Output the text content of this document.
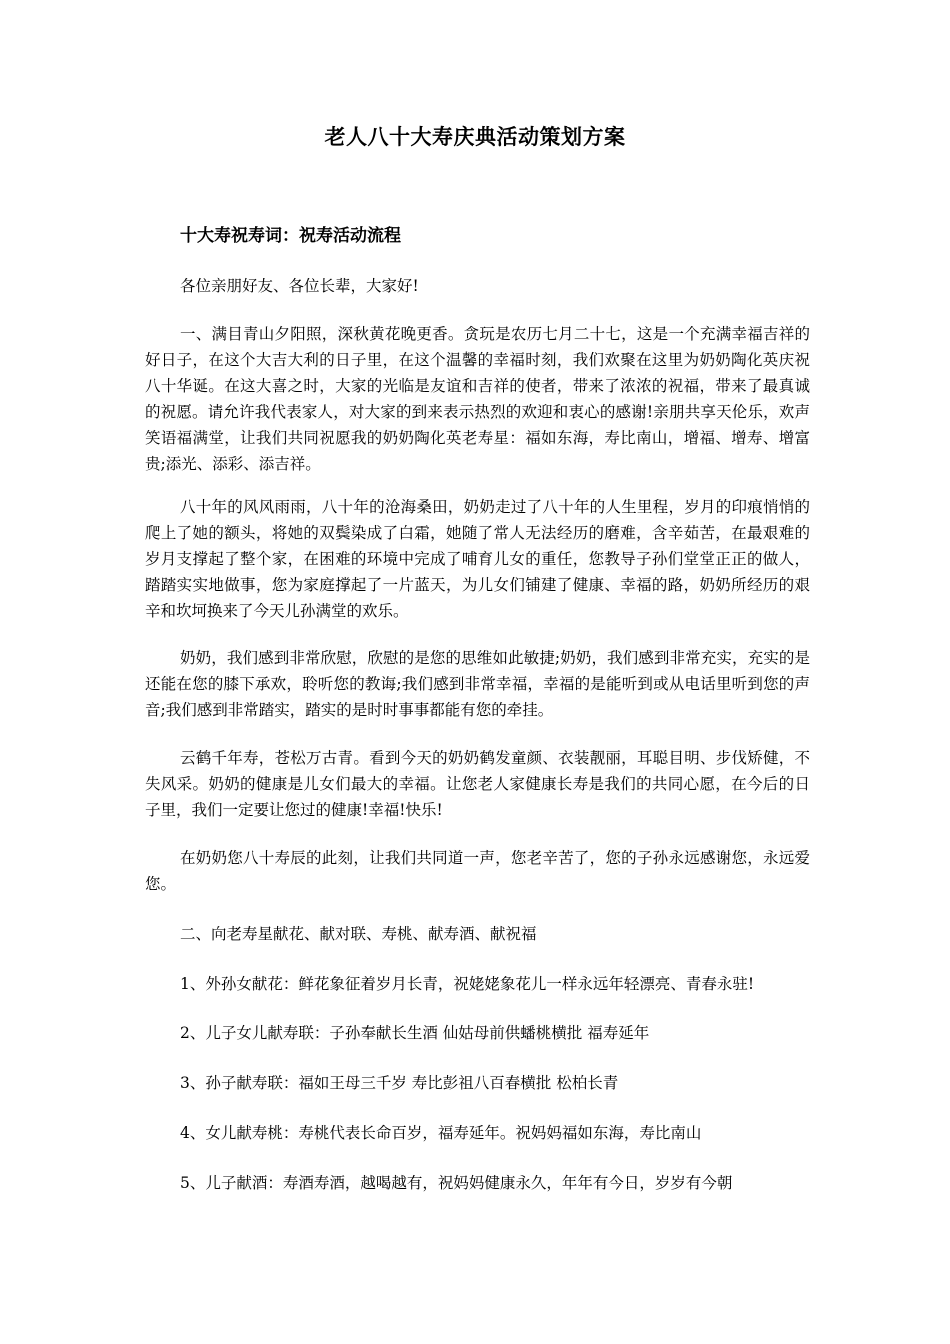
老人八十大寿庆典活动策划方案
十大寿祝寿词：祝寿活动流程

各位亲朋好友、各位长辈，大家好!

一、满目青山夕阳照，深秋黄花晚更香。贪玩是农历七月二十七，这是一个充满幸福吉祥的好日子，在这个大吉大利的日子里，在这个温馨的幸福时刻，我们欢聚在这里为奶奶陶化英庆祝八十华诞。在这大喜之时，大家的光临是友谊和吉祥的使者，带来了浓浓的祝福，带来了最真诚的祝愿。请允许我代表家人，对大家的到来表示热烈的欢迎和衷心的感谢!亲朋共享天伦乐，欢声笑语福满堂，让我们共同祝愿我的奶奶陶化英老寿星：福如东海，寿比南山，增福、增寿、增富贵;添光、添彩、添吉祥。

八十年的风风雨雨，八十年的沧海桑田，奶奶走过了八十年的人生里程，岁月的印痕悄悄的爬上了她的额头，将她的双鬓染成了白霜，她随了常人无法经历的磨难，含辛茹苦，在最艰难的岁月支撑起了整个家，在困难的环境中完成了哺育儿女的重任，您教导子孙们堂堂正正的做人，踏踏实实地做事，您为家庭撑起了一片蓝天，为儿女们铺建了健康、幸福的路，奶奶所经历的艰辛和坎坷换来了今天儿孙满堂的欢乐。

奶奶，我们感到非常欣慰，欣慰的是您的思维如此敏捷;奶奶，我们感到非常充实，充实的是还能在您的膝下承欢，聆听您的教诲;我们感到非常幸福，幸福的是能听到或从电话里听到您的声音;我们感到非常踏实，踏实的是时时事事都能有您的牵挂。

云鹤千年寿，苍松万古青。看到今天的奶奶鹤发童颜、衣装靓丽，耳聪目明、步伐矫健，不失风采。奶奶的健康是儿女们最大的幸福。让您老人家健康长寿是我们的共同心愿，在今后的日子里，我们一定要让您过的健康!幸福!快乐!

在奶奶您八十寿辰的此刻，让我们共同道一声，您老辛苦了，您的子孙永远感谢您，永远爱您。

二、向老寿星献花、献对联、寿桃、献寿酒、献祝福

1、外孙女献花：鲜花象征着岁月长青，祝姥姥象花儿一样永远年轻漂亮、青春永驻!

2、儿子女儿献寿联：子孙奉献长生酒 仙姑母前供蟠桃横批 福寿延年

3、孙子献寿联：福如王母三千岁 寿比彭祖八百春横批 松柏长青

4、女儿献寿桃：寿桃代表长命百岁，福寿延年。祝妈妈福如东海，寿比南山

5、儿子献酒：寿酒寿酒，越喝越有，祝妈妈健康永久，年年有今日，岁岁有今朝
